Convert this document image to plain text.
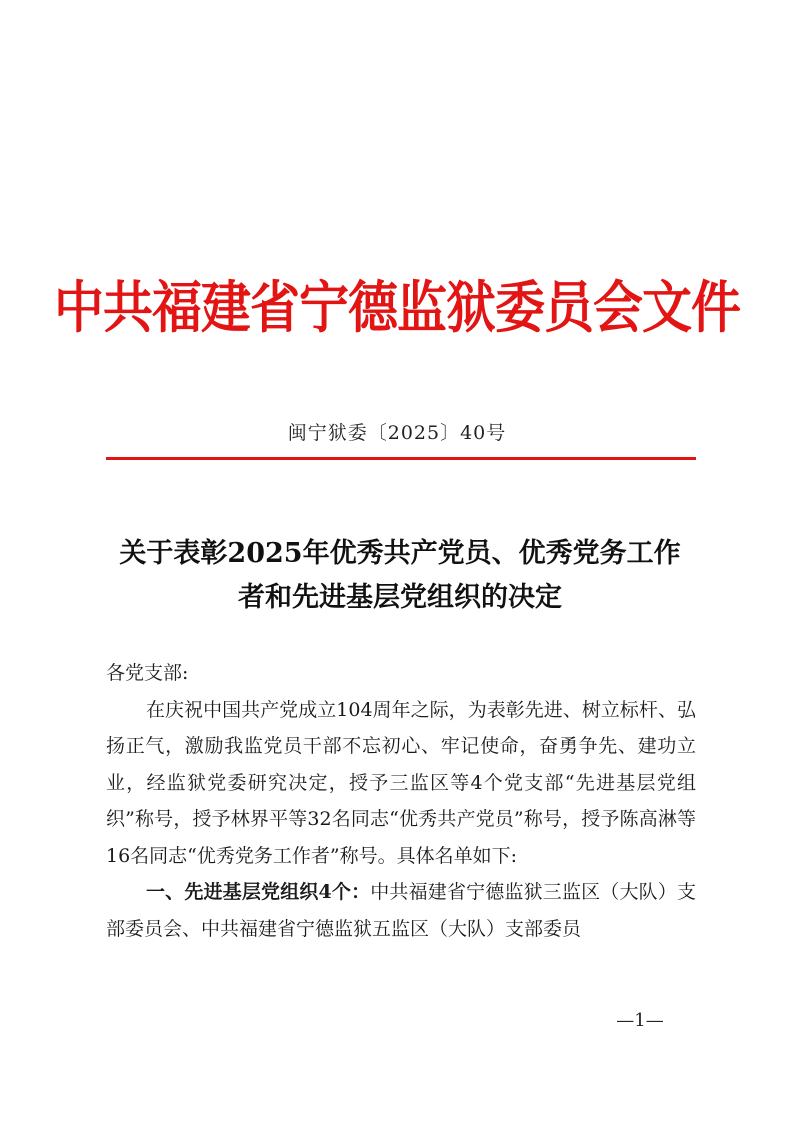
中共福建省宁德监狱委员会文件
闽宁狱委〔2025〕40号
关于表彰2025年优秀共产党员、优秀党务工作
者和先进基层党组织的决定

各党支部:

在庆祝中国共产党成立104周年之际，为表彰先进、树立标杆、弘扬正气，激励我监党员干部不忘初心、牢记使命，奋勇争先、建功立业，经监狱党委研究决定，授予三监区等4个党支部“先进基层党组织”称号，授予林界平等32名同志“优秀共产党员”称号，授予陈高淋等16名同志“优秀党务工作者”称号。具体名单如下:

一、先进基层党组织4个：中共福建省宁德监狱三监区（大队）支部委员会、中共福建省宁德监狱五监区（大队）支部委员

—1—
